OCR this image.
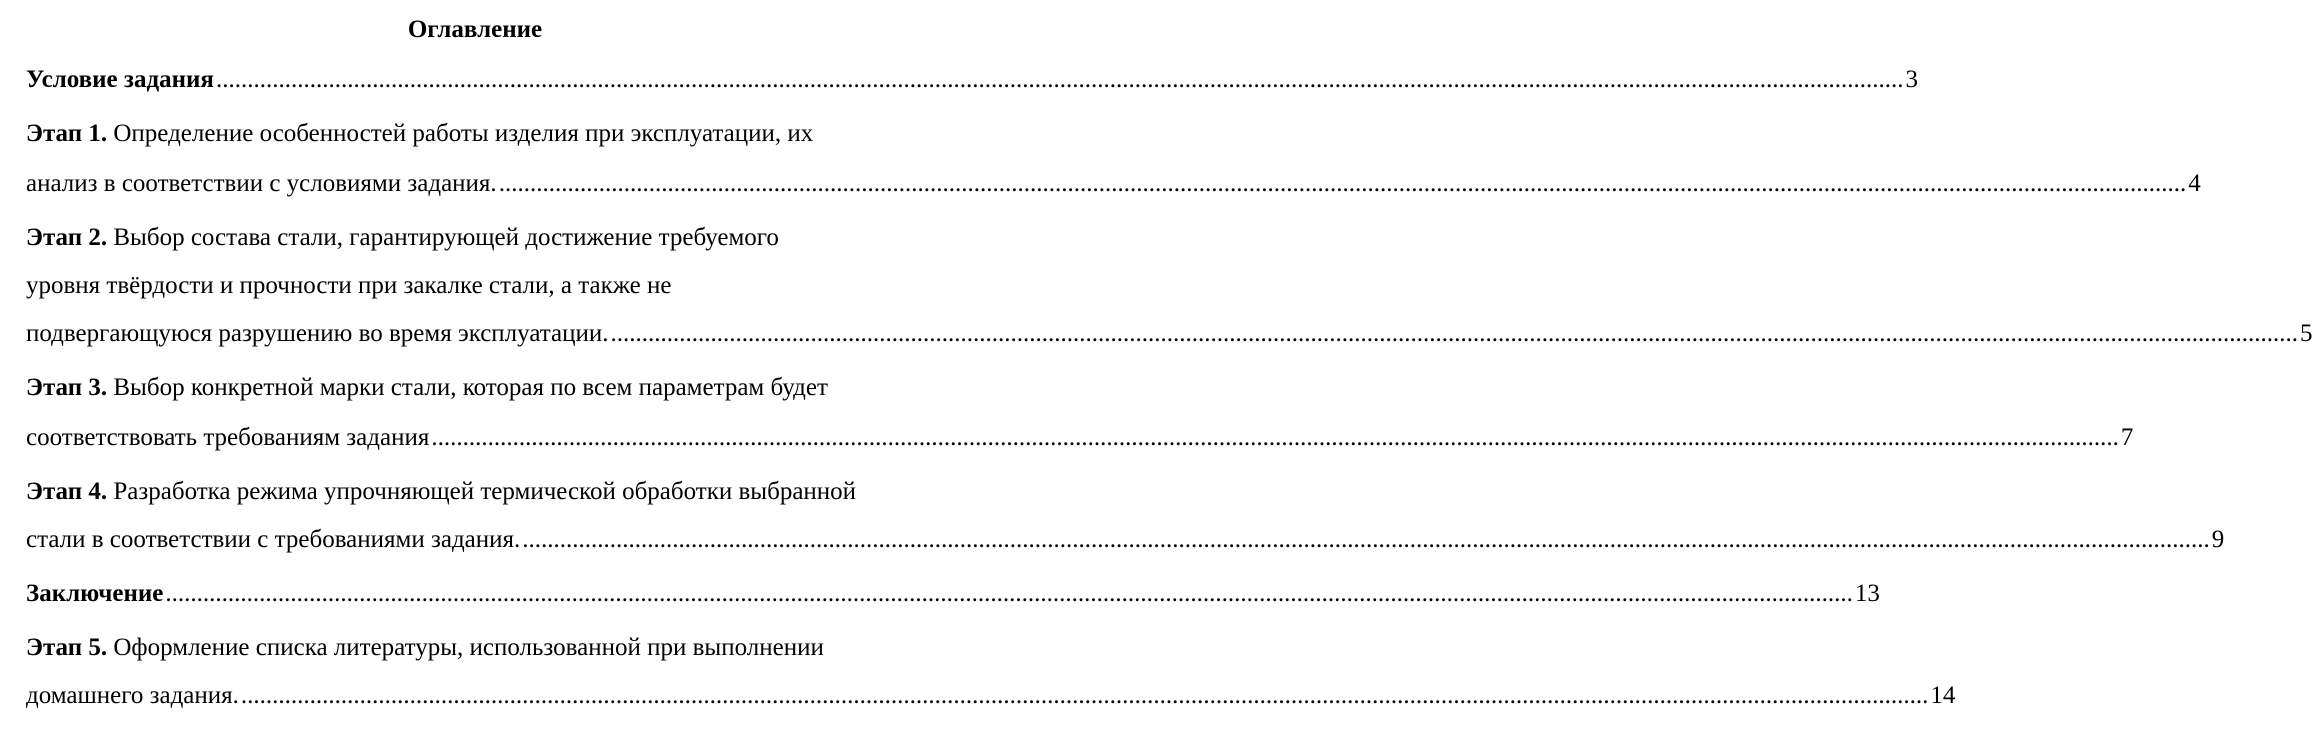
Оглавление
Условие задания .............................................................................................................................................................................................................................................................................. 3
Этап 1. Определение особенностей работы изделия при эксплуатации, их
анализ в соответствии с условиями задания. .............................................................................................................................................................................................................................................................................. 4
Этап 2. Выбор состава стали, гарантирующей достижение требуемого
уровня твёрдости и прочности при закалке стали, а также не
подвергающуюся разрушению во время эксплуатации. .............................................................................................................................................................................................................................................................................. 5
Этап 3. Выбор конкретной марки стали, которая по всем параметрам будет
соответствовать требованиям задания .............................................................................................................................................................................................................................................................................. 7
Этап 4. Разработка режима упрочняющей термической обработки выбранной
стали в соответствии с требованиями задания. .............................................................................................................................................................................................................................................................................. 9
Заключение .............................................................................................................................................................................................................................................................................. 13
Этап 5. Оформление списка литературы, использованной при выполнении
домашнего задания. .............................................................................................................................................................................................................................................................................. 14
